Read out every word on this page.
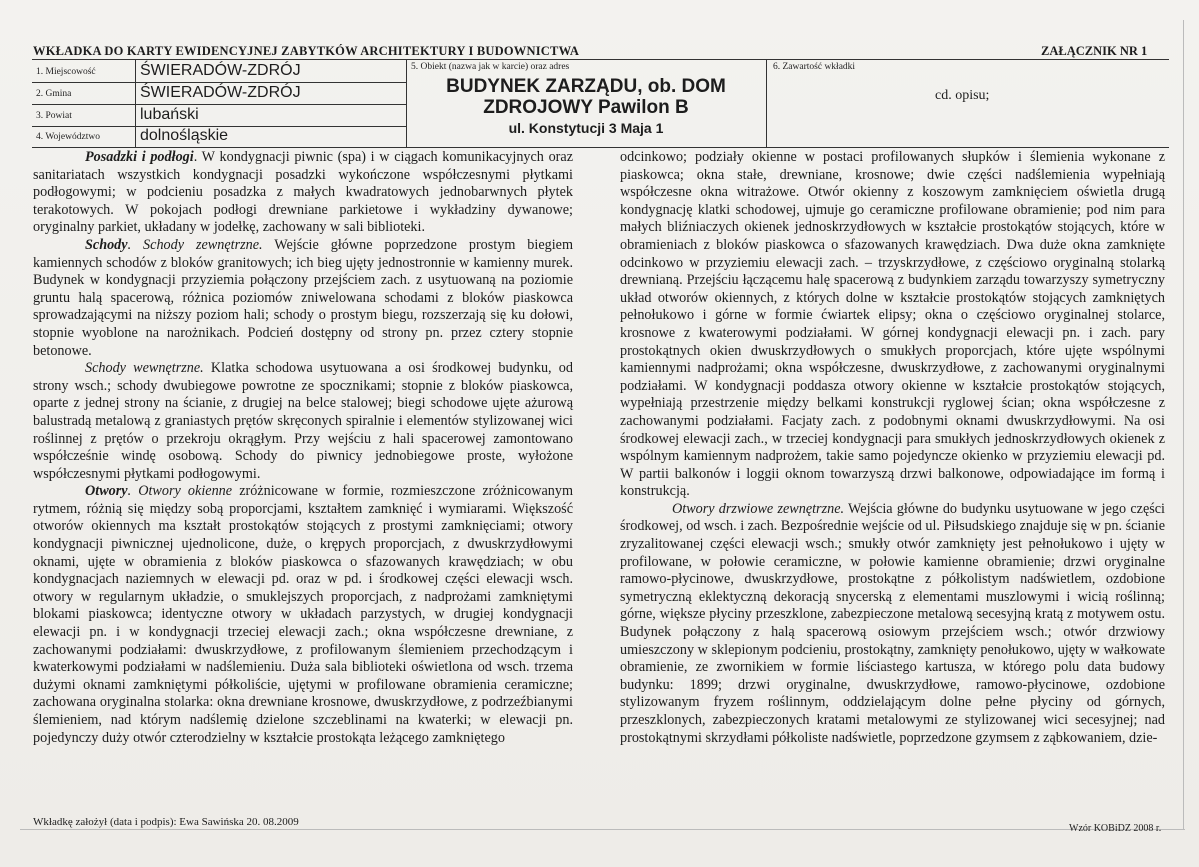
WKŁADKA DO KARTY EWIDENCYJNEJ ZABYTKÓW ARCHITEKTURY I BUDOWNICTWA	ZAŁĄCZNIK NR 1
1. Miejscowość	ŚWIERADÓW-ZDRÓJ
2. Gmina	ŚWIERADÓW-ZDRÓJ
3. Powiat	lubański
4. Województwo	dolnośląskie
5. Obiekt (nazwa jak w karcie) oraz adres
BUDYNEK ZARZĄDU, ob. DOM
ZDROJOWY Pawilon B
ul. Konstytucji 3 Maja 1
6. Zawartość wkładki
cd. opisu;

Posadzki i podłogi. W kondygnacji piwnic (spa) i w ciągach komunikacyjnych oraz sanitariatach wszystkich kondygnacji posadzki wykończone współczesnymi płytkami podłogowymi; w podcieniu posadzka z małych kwadratowych jednobarwnych płytek terakotowych. W pokojach podłogi drewniane parkietowe i wykładziny dywanowe; oryginalny parkiet, układany w jodełkę, zachowany w sali biblioteki.

Schody. Schody zewnętrzne. Wejście główne poprzedzone prostym biegiem kamiennych schodów z bloków granitowych; ich bieg ujęty jednostronnie w kamienny murek. Budynek w kondygnacji przyziemia połączony przejściem zach. z usytuowaną na poziomie gruntu halą spacerową, różnica poziomów zniwelowana schodami z bloków piaskowca sprowadzającymi na niższy poziom hali; schody o prostym biegu, rozszerzają się ku dołowi, stopnie wyoblone na narożnikach. Podcień dostępny od strony pn. przez cztery stopnie betonowe.

Schody wewnętrzne. Klatka schodowa usytuowana a osi środkowej budynku, od strony wsch.; schody dwubiegowe powrotne ze spocznikami; stopnie z bloków piaskowca, oparte z jednej strony na ścianie, z drugiej na belce stalowej; biegi schodowe ujęte ażurową balustradą metalową z graniastych prętów skręconych spiralnie i elementów stylizowanej wici roślinnej z prętów o przekroju okrągłym. Przy wejściu z hali spacerowej zamontowano współcześnie windę osobową. Schody do piwnicy jednobiegowe proste, wyłożone współczesnymi płytkami podłogowymi.

Otwory. Otwory okienne zróżnicowane w formie, rozmieszczone zróżnicowanym rytmem, różnią się między sobą proporcjami, kształtem zamknięć i wymiarami. Większość otworów okiennych ma kształt prostokątów stojących z prostymi zamknięciami; otwory kondygnacji piwnicznej ujednolicone, duże, o krępych proporcjach, z dwuskrzydłowymi oknami, ujęte w obramienia z bloków piaskowca o sfazowanych krawędziach; w obu kondygnacjach naziemnych w elewacji pd. oraz w pd. i środkowej części elewacji wsch. otwory w regularnym układzie, o smuklejszych proporcjach, z nadprożami zamkniętymi blokami piaskowca; identyczne otwory w układach parzystych, w drugiej kondygnacji elewacji pn. i w kondygnacji trzeciej elewacji zach.; okna współczesne drewniane, z zachowanymi podziałami: dwuskrzydłowe, z profilowanym ślemieniem przechodzącym i kwaterkowymi podziałami w nadślemieniu. Duża sala biblioteki oświetlona od wsch. trzema dużymi oknami zamkniętymi półkoliście, ujętymi w profilowane obramienia ceramiczne; zachowana oryginalna stolarka: okna drewniane krosnowe, dwuskrzydłowe, z podrzeźbianymi ślemieniem, nad którym nadślemię dzielone szczeblinami na kwaterki; w elewacji pn. pojedynczy duży otwór czterodzielny w kształcie prostokąta leżącego zamkniętego

odcinkowo; podziały okienne w postaci profilowanych słupków i ślemienia wykonane z piaskowca; okna stałe, drewniane, krosnowe; dwie części nadślemienia wypełniają współczesne okna witrażowe. Otwór okienny z koszowym zamknięciem oświetla drugą kondygnację klatki schodowej, ujmuje go ceramiczne profilowane obramienie; pod nim para małych bliźniaczych okienek jednoskrzydłowych w kształcie prostokątów stojących, które w obramieniach z bloków piaskowca o sfazowanych krawędziach. Dwa duże okna zamknięte odcinkowo w przyziemiu elewacji zach. – trzyskrzydłowe, z częściowo oryginalną stolarką drewnianą. Przejściu łączącemu halę spacerową z budynkiem zarządu towarzyszy symetryczny układ otworów okiennych, z których dolne w kształcie prostokątów stojących zamkniętych pełnołukowo i górne w formie ćwiartek elipsy; okna o częściowo oryginalnej stolarce, krosnowe z kwaterowymi podziałami. W górnej kondygnacji elewacji pn. i zach. pary prostokątnych okien dwuskrzydłowych o smukłych proporcjach, które ujęte wspólnymi kamiennymi nadprożami; okna współczesne, dwuskrzydłowe, z zachowanymi oryginalnymi podziałami. W kondygnacji poddasza otwory okienne w kształcie prostokątów stojących, wypełniają przestrzenie między belkami konstrukcji ryglowej ścian; okna współczesne z zachowanymi podziałami. Facjaty zach. z podobnymi oknami dwuskrzydłowymi. Na osi środkowej elewacji zach., w trzeciej kondygnacji para smukłych jednoskrzydłowych okienek z wspólnym kamiennym nadprożem, takie samo pojedyncze okienko w przyziemiu elewacji pd. W partii balkonów i loggii oknom towarzyszą drzwi balkonowe, odpowiadające im formą i konstrukcją.

Otwory drzwiowe zewnętrzne. Wejścia główne do budynku usytuowane w jego części środkowej, od wsch. i zach. Bezpośrednie wejście od ul. Piłsudskiego znajduje się w pn. ścianie zryzalitowanej części elewacji wsch.; smukły otwór zamknięty jest pełnołukowo i ujęty w profilowane, w połowie ceramiczne, w połowie kamienne obramienie; drzwi oryginalne ramowo-płycinowe, dwuskrzydłowe, prostokątne z półkolistym nadświetlem, ozdobione symetryczną eklektyczną dekoracją snycerską z elementami muszlowymi i wicią roślinną; górne, większe płyciny przeszklone, zabezpieczone metalową secesyjną kratą z motywem ostu. Budynek połączony z halą spacerową osiowym przejściem wsch.; otwór drzwiowy umieszczony w sklepionym podcieniu, prostokątny, zamknięty penołukowo, ujęty w wałkowate obramienie, ze zwornikiem w formie liściastego kartusza, w którego polu data budowy budynku: 1899; drzwi oryginalne, dwuskrzydłowe, ramowo-płycinowe, ozdobione stylizowanym fryzem roślinnym, oddzielającym dolne pełne płyciny od górnych, przeszklonych, zabezpieczonych kratami metalowymi ze stylizowanej wici secesyjnej; nad prostokątnymi skrzydłami półkoliste nadświetle, poprzedzone gzymsem z ząbkowaniem, dzie-

Wkładkę założył (data i podpis): Ewa Sawińska 20. 08.2009
Wzór KOBiDZ 2008 r.
